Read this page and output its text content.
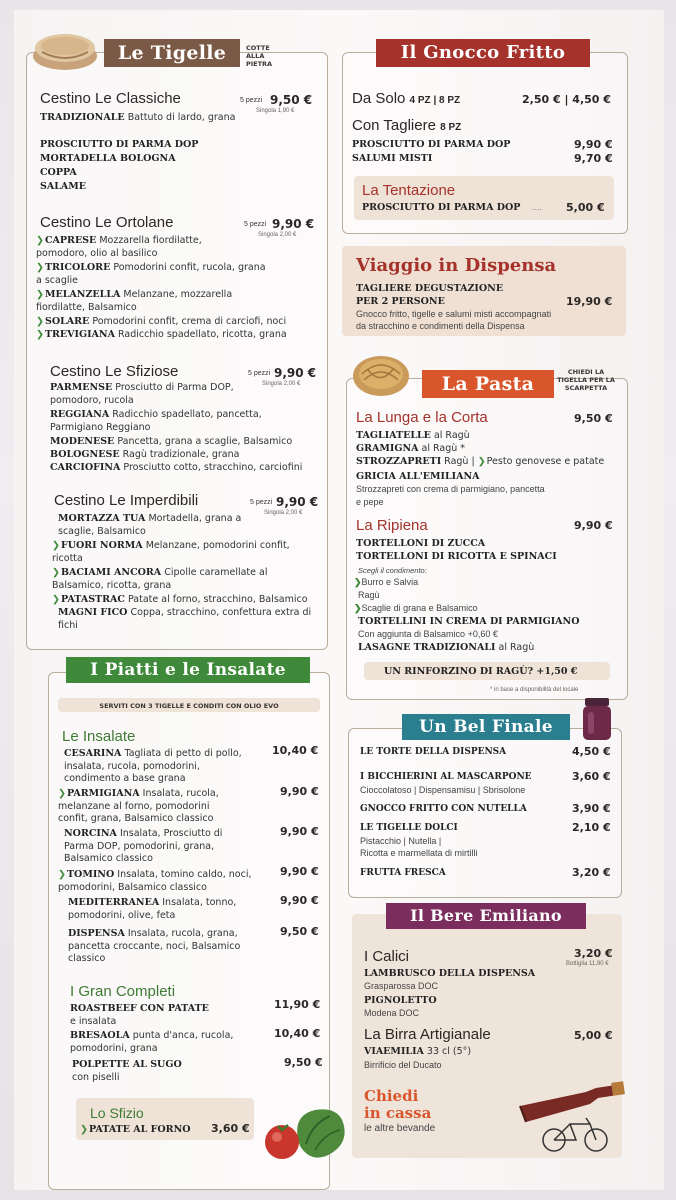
Le Tigelle	COTTE ALLA PIETRA
Cestino Le Classiche	5 pezzi 9,50 €
Singola 1,90 €
TRADIZIONALE Battuto di lardo, grana
PROSCIUTTO DI PARMA DOP
MORTADELLA BOLOGNA
COPPA
SALAME
Cestino Le Ortolane	5 pezzi 9,90 €
Singola 2,00 €
❯CAPRESE Mozzarella fiordilatte, pomodoro, olio al basilico
❯TRICOLORE Pomodorini confit, rucola, grana a scaglie
❯MELANZELLA Melanzane, mozzarella fiordilatte, Balsamico
❯SOLARE Pomodorini confit, crema di carciofi, noci
❯TREVIGIANA Radicchio spadellato, ricotta, grana
Cestino Le Sfiziose	5 pezzi 9,90 €
Singola 2,00 €
PARMENSE Prosciutto di Parma DOP, pomodoro, rucola
REGGIANA Radicchio spadellato, pancetta, Parmigiano Reggiano
MODENESE Pancetta, grana a scaglie, Balsamico
BOLOGNESE Ragù tradizionale, grana
CARCIOFINA Prosciutto cotto, stracchino, carciofini
Cestino Le Imperdibili	5 pezzi 9,90 €
Singola 2,00 €
MORTAZZA TUA Mortadella, grana a scaglie, Balsamico
❯FUORI NORMA Melanzane, pomodorini confit, ricotta
❯BACIAMI ANCORA Cipolle caramellate al Balsamico, ricotta, grana
❯PATASTRAC Patate al forno, stracchino, Balsamico
MAGNI FICO Coppa, stracchino, confettura extra di fichi
I Piatti e le Insalate
SERVITI CON 3 TIGELLE E CONDITI CON OLIO EVO
Le Insalate
CESARINA Tagliata di petto di pollo, insalata, rucola, pomodorini, condimento a base grana
10,40 €
❯PARMIGIANA Insalata, rucola, melanzane al forno, pomodorini confit, grana, Balsamico classico
9,90 €
NORCINA Insalata, Prosciutto di Parma DOP, pomodorini, grana, Balsamico classico
9,90 €
❯TOMINO Insalata, tomino caldo, noci, pomodorini, Balsamico classico
9,90 €
MEDITERRANEA Insalata, tonno, pomodorini, olive, feta
9,90 €
DISPENSA Insalata, rucola, grana, pancetta croccante, noci, Balsamico classico
9,50 €
I Gran Completi
ROASTBEEF CON PATATE
e insalata
11,90 €
BRESAOLA punta d'anca, rucola, pomodorini, grana
10,40 €
POLPETTE AL SUGO
con piselli
9,50 €
Lo Sfizio
❯PATATE AL FORNO	3,60 €
Il Gnocco Fritto
Da Solo 4 PZ | 8 PZ	2,50 € | 4,50 €
Con Tagliere 8 PZ
PROSCIUTTO DI PARMA DOP	9,90 €
SALUMI MISTI	9,70 €
La Tentazione
PROSCIUTTO DI PARMA DOP .... 5,00 €
Viaggio in Dispensa
TAGLIERE DEGUSTAZIONE
PER 2 PERSONE	19,90 €
Gnocco fritto, tigelle e salumi misti accompagnati
da stracchino e condimenti della Dispensa
La Pasta
CHIEDI LA TIGELLA PER LA SCARPETTA
La Lunga e la Corta	9,50 €
TAGLIATELLE al Ragù
GRAMIGNA al Ragù *
STROZZAPRETI Ragù | ❯Pesto genovese e patate
GRICIA ALL'EMILIANA
Strozzapreti con crema di parmigiano, pancetta
e pepe
La Ripiena	9,90 €
TORTELLONI DI ZUCCA
TORTELLONI DI RICOTTA E SPINACI
Scegli il condimento:
❯Burro e Salvia
Ragù
❯Scaglie di grana e Balsamico
TORTELLINI IN CREMA DI PARMIGIANO
Con aggiunta di Balsamico +0,60 €
LASAGNE TRADIZIONALI al Ragù
UN RINFORZINO DI RAGÙ? +1,50 €
* in base a disponibilità del locale
Un Bel Finale
LE TORTE DELLA DISPENSA	4,50 €
I BICCHIERINI AL MASCARPONE	3,60 €
Cioccolatoso | Dispensamisu | Sbrisolone
GNOCCO FRITTO CON NUTELLA	3,90 €
LE TIGELLE DOLCI	2,10 €
Pistacchio | Nutella |
Ricotta e marmellata di mirtilli
FRUTTA FRESCA	3,20 €
Il Bere Emiliano
I Calici	3,20 €
Bottiglia 11,90 €
LAMBRUSCO DELLA DISPENSA
Grasparossa DOC
PIGNOLETTO
Modena DOC
La Birra Artigianale	5,00 €
VIAEMILIA 33 cl (5°)
Birrificio del Ducato
Chiedi
in cassa
le altre bevande
